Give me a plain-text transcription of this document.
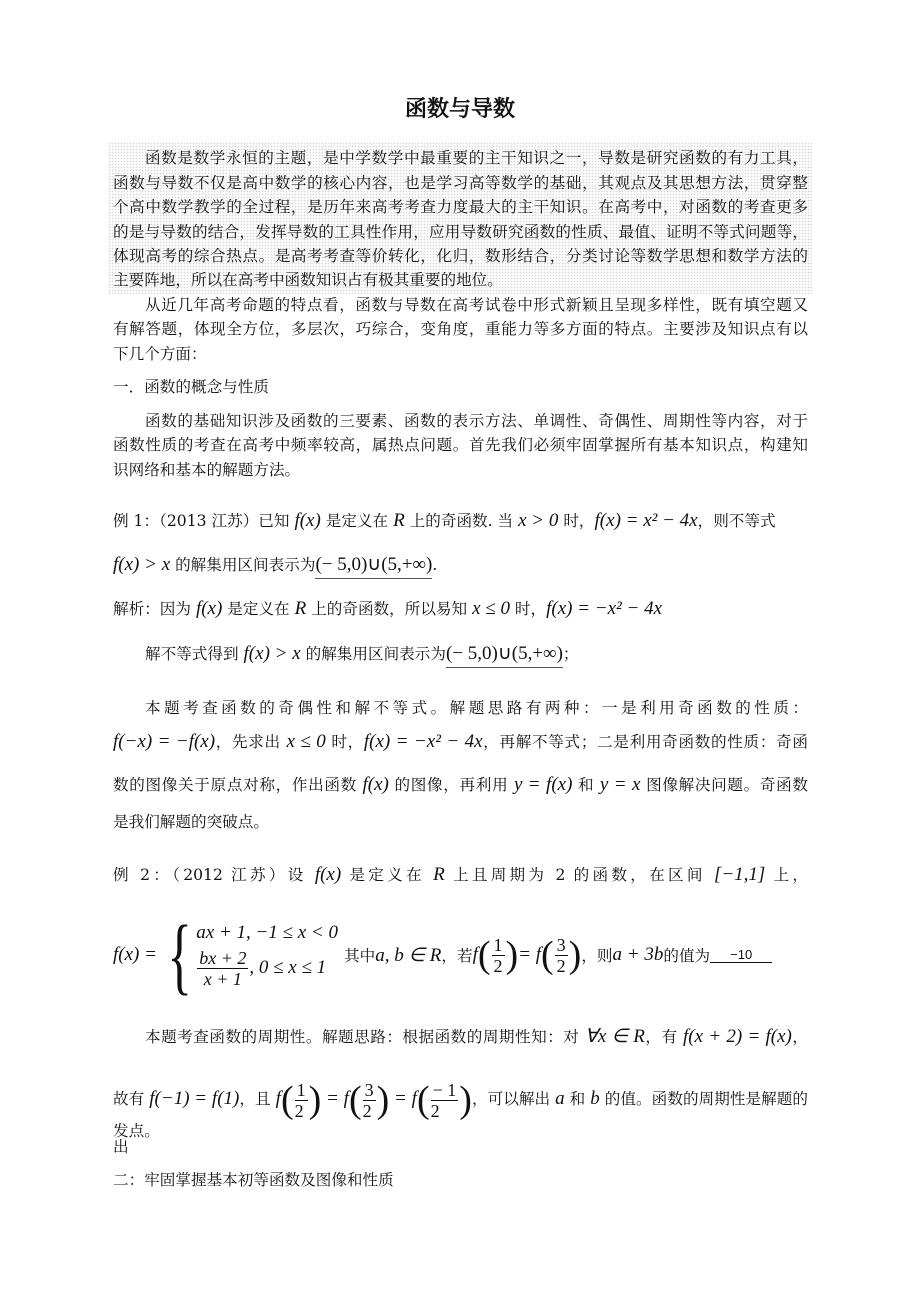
函数与导数
函数是数学永恒的主题，是中学数学中最重要的主干知识之一，导数是研究函数的有力工具，
函数与导数不仅是高中数学的核心内容，也是学习高等数学的基础，其观点及其思想方法，贯穿整
个高中数学教学的全过程，是历年来高考考查力度最大的主干知识。在高考中，对函数的考查更多
的是与导数的结合，发挥导数的工具性作用，应用导数研究函数的性质、最值、证明不等式问题等，
体现高考的综合热点。是高考考查等价转化，化归，数形结合，分类讨论等数学思想和数学方法的
主要阵地，所以在高考中函数知识占有极其重要的地位。
从近几年高考命题的特点看，函数与导数在高考试卷中形式新颖且呈现多样性，既有填空题又
有解答题，体现全方位，多层次，巧综合，变角度，重能力等多方面的特点。主要涉及知识点有以
下几个方面：
一．函数的概念与性质
函数的基础知识涉及函数的三要素、函数的表示方法、单调性、奇偶性、周期性等内容，对于
函数性质的考查在高考中频率较高，属热点问题。首先我们必须牢固掌握所有基本知识点，构建知
识网络和基本的解题方法。
例 1：（2013 江苏）已知 f(x) 是定义在 R 上的奇函数. 当 x > 0 时，f(x) = x² − 4x，则不等式
f(x) > x 的解集用区间表示为(− 5,0)∪(5,+∞).
解析：因为 f(x) 是定义在 R 上的奇函数，所以易知 x ≤ 0 时，f(x) = −x² − 4x
解不等式得到 f(x) > x 的解集用区间表示为(− 5,0)∪(5,+∞)；
本题考查函数的奇偶性和解不等式。解题思路有两种：一是利用奇函数的性质：
f(−x) = −f(x)，先求出 x ≤ 0 时，f(x) = −x² − 4x，再解不等式；二是利用奇函数的性质：奇函
数的图像关于原点对称，作出函数 f(x) 的图像，再利用 y = f(x) 和 y = x 图像解决问题。奇函数
是我们解题的突破点。
例 2：（2012 江苏）设 f(x) 是定义在 R 上且周期为 2 的函数，在区间 [−1,1] 上，
本题考查函数的周期性。解题思路：根据函数的周期性知：对 ∀x ∈ R，有 f(x + 2) = f(x)，
故有 f(−1) = f(1)，且 $f( \frac{1}{2}$ ) = $f( \frac{3}{2}$ ) = $f( \frac{- 1}{2}$ )，可以解出 a 和 b 的值。函数的周期性是解题的出
发点。
二：牢固掌握基本初等函数及图像和性质
f(x) = { ax + 1, −1 ≤ x < 0
$\frac{bx + 2}{x + 1}$ , 0 ≤ x ≤ 1
其中 a, b ∈ R ，若 f ( $\frac{1}{2}$ ) = f ( $\frac{3}{2}$ ) ，则 a + 3b 的值为	−10
